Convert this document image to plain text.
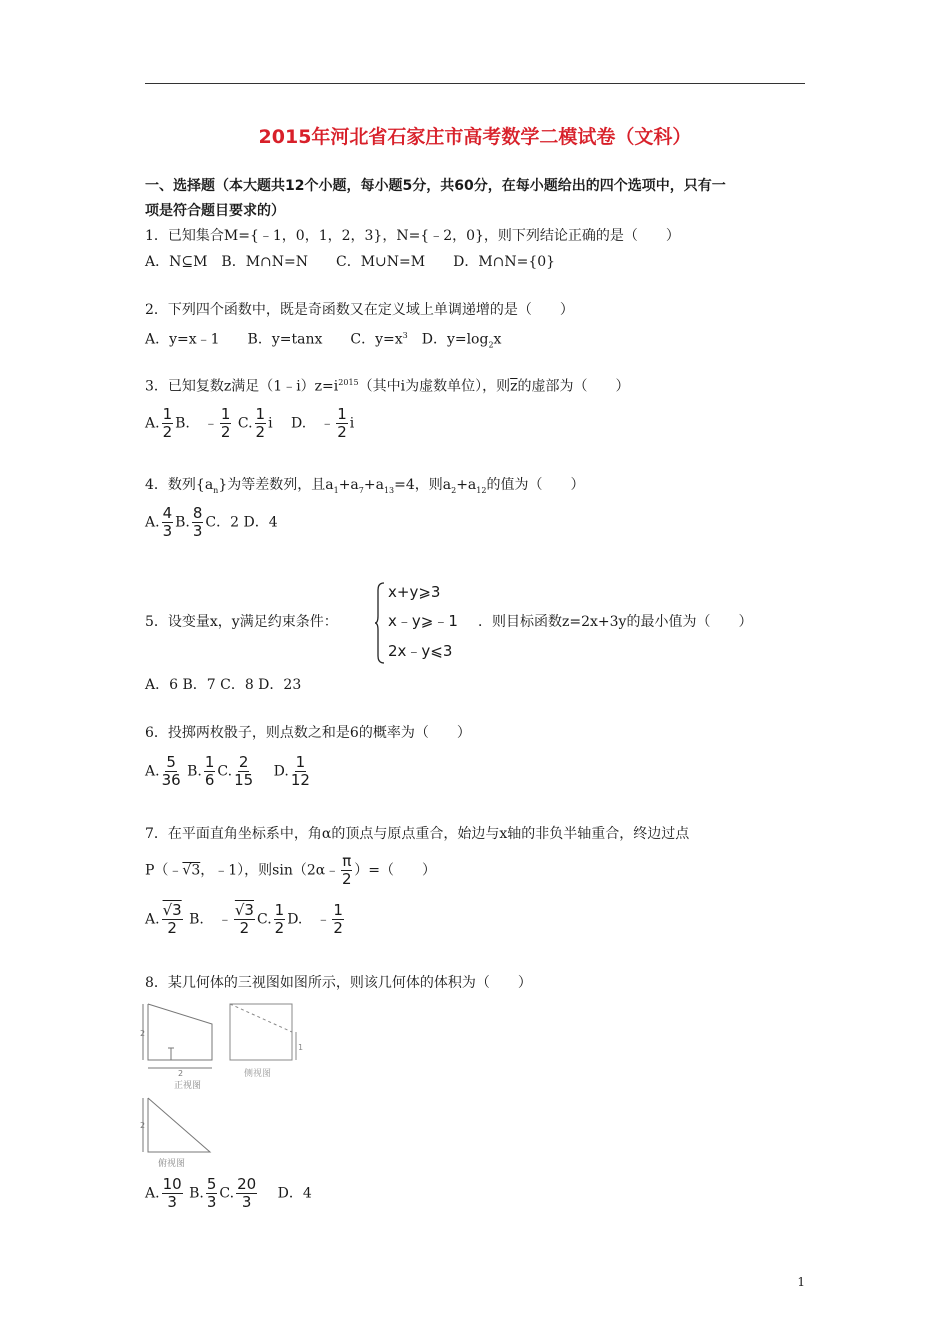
2015年河北省石家庄市高考数学二模试卷（文科）
一、选择题（本大题共12个小题，每小题5分，共60分，在每小题给出的四个选项中，只有一
项是符合题目要求的）
1．已知集合M={﹣1，0，1，2，3}，N={﹣2，0}，则下列结论正确的是（　　）
A．N⊆M　B．M∩N=N　　C．M∪N=M　　D．M∩N={0}
2．下列四个函数中，既是奇函数又在定义域上单调递增的是（　　）
A．y=x﹣1　　B．y=tanx　　C．$y=x^3$　 D．$y=\log_2x$
3．已知复数z满足$(1﹣i)z=i^{2015}$（其中i为虚数单位），则$\overline{z}$的虚部为（　　）
A. $\frac{1}{2} B$.　﹣ $\frac{1}{2} C$. $\frac{1}{2}$ i 　 D.　﹣ $\frac{1}{2}$ i
4．数列$\{a_n\}$为等差数列，且$a_1+a_7+a_{13}=4$，则$a_2+a_{12}$的值为（　　）
A. $\frac{4}{3} B$. $\frac{8}{3}$ C．2 D．4
5．设变量x，y满足约束条件：
x+y⩾3
x﹣y⩾﹣1
2x﹣y⩽3
．则目标函数z=2x+3y的最小值为（　　）
A．6 B．7 C．8 D．23
6．投掷两枚骰子，则点数之和是6的概率为（　　）
A. $\frac{5}{36} B$. $\frac{1}{6} C$. $\frac{2}{15}$
　 D. $\frac{1}{12}$
7．在平面直角坐标系中，角α的顶点与原点重合，始边与x轴的非负半轴重合，终边过点
P（﹣√3，﹣1），则sin（2α﹣ $\frac{\pi}{2}$ ）=（　　）
A. $\frac{√3}{2} B$.　﹣ $\frac{√3}{2} C$. $\frac{1}{2} D$.　﹣ $\frac{1}{2}$
8．某几何体的三视图如图所示，则该几何体的体积为（　　）
2
2
正视图
1
侧视图
2
俯视图
A. $\frac{10}{3} B$. $\frac{5}{3} C$. $\frac{20}{3}$
　 D．4
1
